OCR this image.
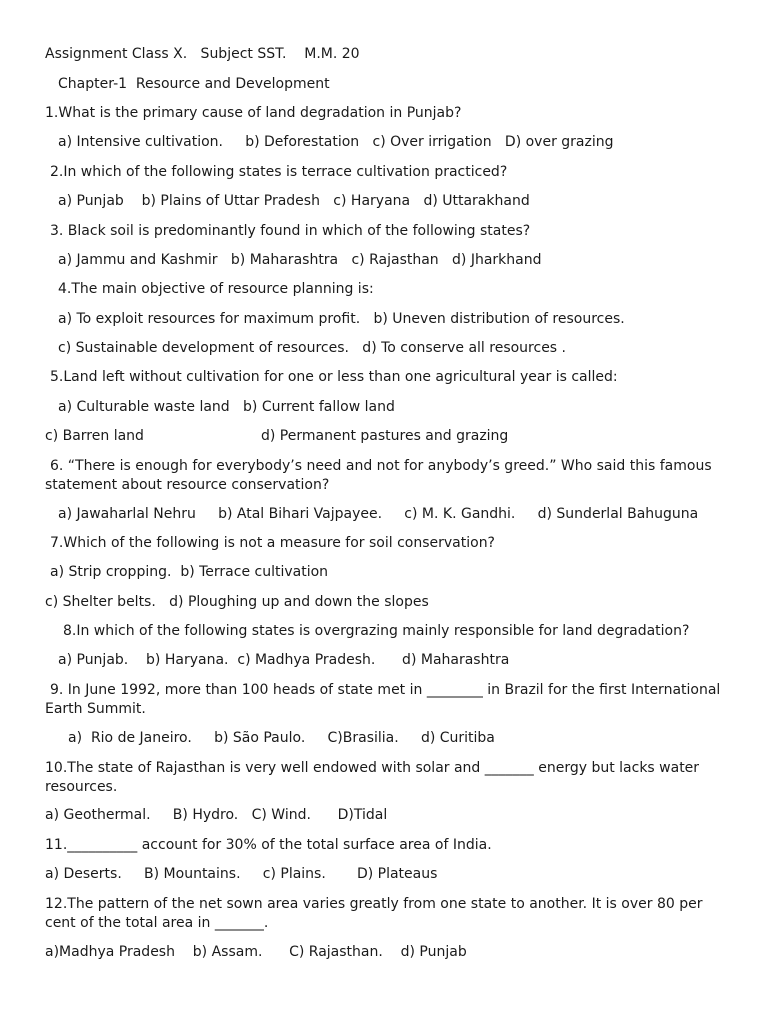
Assignment Class X.   Subject SST.    M.M. 20
Chapter-1  Resource and Development
1.What is the primary cause of land degradation in Punjab?
a) Intensive cultivation.     b) Deforestation   c) Over irrigation   D) over grazing
2.In which of the following states is terrace cultivation practiced?
a) Punjab    b) Plains of Uttar Pradesh   c) Haryana   d) Uttarakhand
3. Black soil is predominantly found in which of the following states?
a) Jammu and Kashmir   b) Maharashtra   c) Rajasthan   d) Jharkhand
4.The main objective of resource planning is:
a) To exploit resources for maximum profit.   b) Uneven distribution of resources.
c) Sustainable development of resources.   d) To conserve all resources .
5.Land left without cultivation for one or less than one agricultural year is called:
a) Culturable waste land   b) Current fallow land
c) Barren land	d) Permanent pastures and grazing
6. “There is enough for everybody’s need and not for anybody’s greed.” Who said this famous statement about resource conservation?
a) Jawaharlal Nehru     b) Atal Bihari Vajpayee.     c) M. K. Gandhi.     d) Sunderlal Bahuguna
7.Which of the following is not a measure for soil conservation?
a) Strip cropping.  b) Terrace cultivation
c) Shelter belts.   d) Ploughing up and down the slopes
8.In which of the following states is overgrazing mainly responsible for land degradation?
a) Punjab.    b) Haryana.  c) Madhya Pradesh.      d) Maharashtra
9. In June 1992, more than 100 heads of state met in ________ in Brazil for the first International Earth Summit.
a)  Rio de Janeiro.     b) São Paulo.     C)Brasilia.     d) Curitiba
10.The state of Rajasthan is very well endowed with solar and _______ energy but lacks water resources.
a) Geothermal.     B) Hydro.   C) Wind.      D)Tidal
11.__________ account for 30% of the total surface area of India.
a) Deserts.     B) Mountains.     c) Plains.       D) Plateaus
12.The pattern of the net sown area varies greatly from one state to another. It is over 80 per cent of the total area in _______.
a)Madhya Pradesh    b) Assam.      C) Rajasthan.    d) Punjab
